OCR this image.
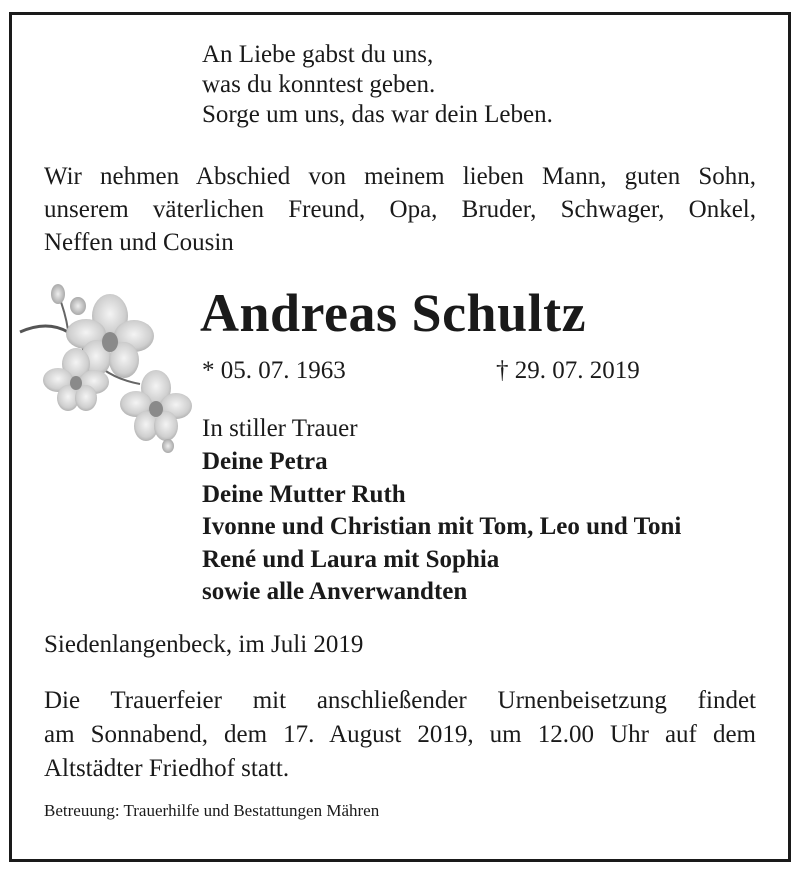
An Liebe gabst du uns,
was du konntest geben.
Sorge um uns, das war dein Leben.
Wir nehmen Abschied von meinem lieben Mann, guten Sohn,
unserem väterlichen Freund, Opa, Bruder, Schwager, Onkel,
Neffen und Cousin
Andreas Schultz
* 05. 07. 1963	† 29. 07. 2019
In stiller Trauer
Deine Petra
Deine Mutter Ruth
Ivonne und Christian mit Tom, Leo und Toni
René und Laura mit Sophia
sowie alle Anverwandten
Siedenlangenbeck, im Juli 2019
Die Trauerfeier mit anschließender Urnenbeisetzung findet
am Sonnabend, dem 17. August 2019, um 12.00 Uhr auf dem
Altstädter Friedhof statt.
Betreuung: Trauerhilfe und Bestattungen Mähren
